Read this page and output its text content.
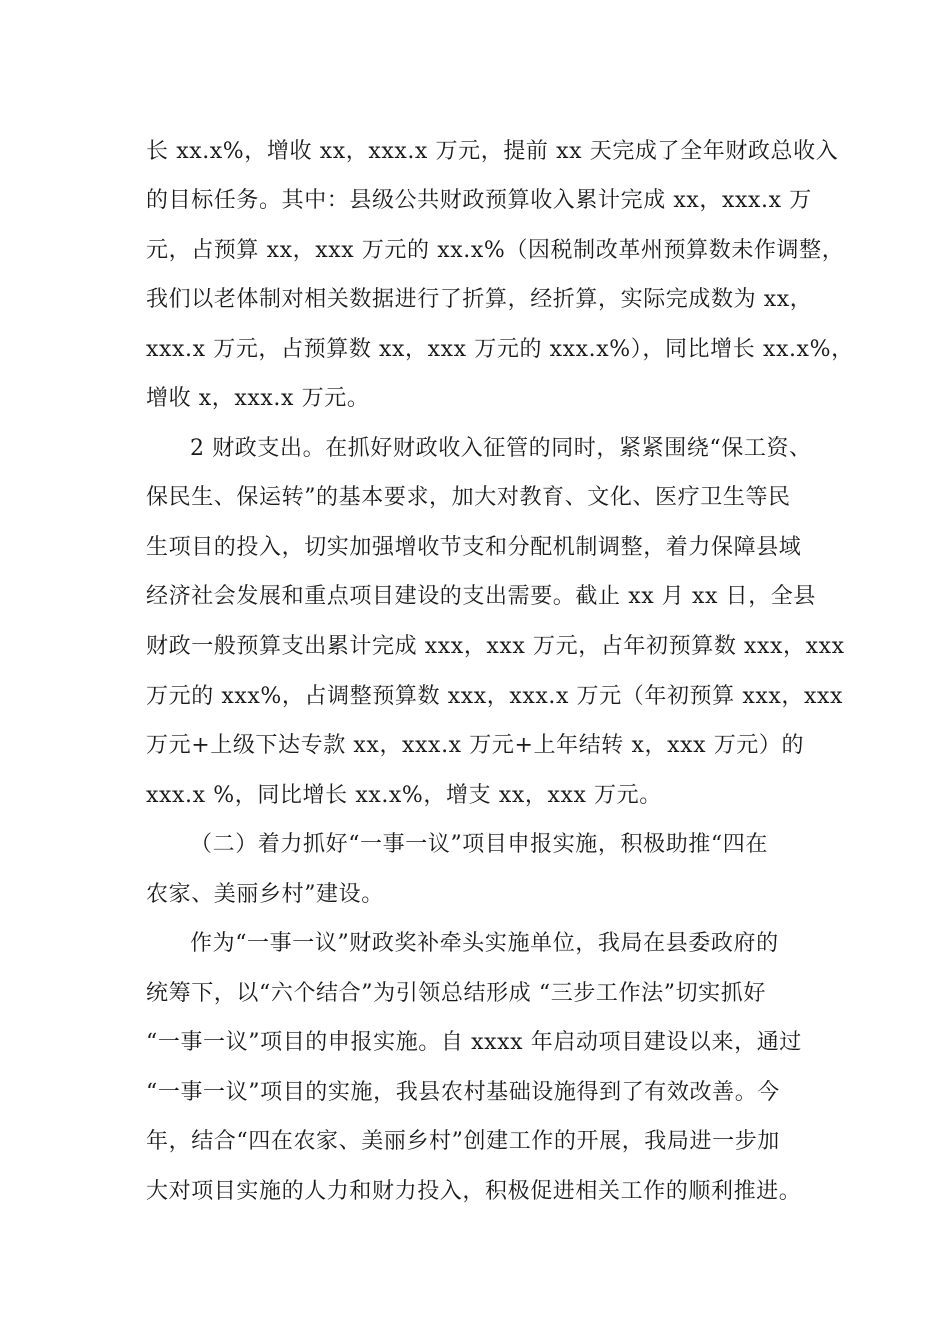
长 xx.x%，增收 xx，xxx.x 万元，提前 xx 天完成了全年财政总收入

的目标任务。其中：县级公共财政预算收入累计完成 xx，xxx.x 万

元，占预算 xx，xxx 万元的 xx.x%（因税制改革州预算数未作调整，

我们以老体制对相关数据进行了折算，经折算，实际完成数为 xx，

xxx.x 万元，占预算数 xx，xxx 万元的 xxx.x%），同比增长 xx.x%，

增收 x，xxx.x 万元。

2 财政支出。在抓好财政收入征管的同时，紧紧围绕“保工资、

保民生、保运转”的基本要求，加大对教育、文化、医疗卫生等民

生项目的投入，切实加强增收节支和分配机制调整，着力保障县域

经济社会发展和重点项目建设的支出需要。截止 xx 月 xx 日，全县

财政一般预算支出累计完成 xxx，xxx 万元，占年初预算数 xxx，xxx

万元的 xxx%，占调整预算数 xxx，xxx.x 万元（年初预算 xxx，xxx

万元+上级下达专款 xx，xxx.x 万元+上年结转 x，xxx 万元）的

xxx.x %，同比增长 xx.x%，增支 xx，xxx 万元。

（二）着力抓好“一事一议”项目申报实施，积极助推“四在

农家、美丽乡村”建设。

作为“一事一议”财政奖补牵头实施单位，我局在县委政府的

统筹下，以“六个结合”为引领总结形成 “三步工作法”切实抓好

“一事一议”项目的申报实施。自 xxxx 年启动项目建设以来，通过

“一事一议”项目的实施，我县农村基础设施得到了有效改善。今

年，结合“四在农家、美丽乡村”创建工作的开展，我局进一步加

大对项目实施的人力和财力投入，积极促进相关工作的顺利推进。
